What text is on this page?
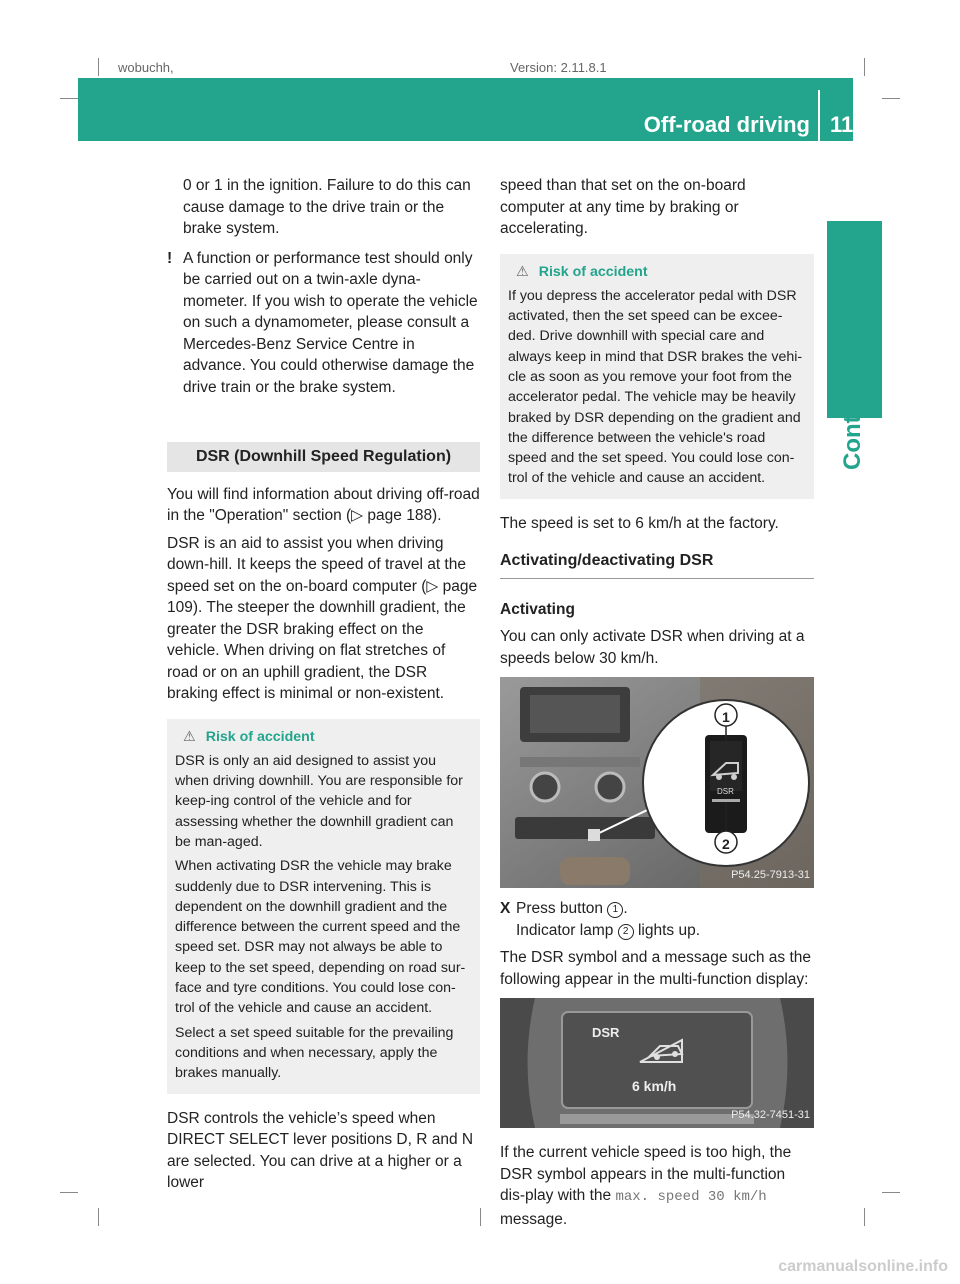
wobuchh,	Version: 2.11.8.1
Off-road driving 113
Controls

0 or 1 in the ignition. Failure to do this can cause damage to the drive train or the brake system.

! A function or performance test should only be carried out on a twin-axle dyna-mometer. If you wish to operate the vehicle on such a dynamometer, please consult a Mercedes-Benz Service Centre in advance. You could otherwise damage the drive train or the brake system.

DSR (Downhill Speed Regulation)

You will find information about driving off-road in the "Operation" section (▷ page 188).

DSR is an aid to assist you when driving down-hill. It keeps the speed of travel at the speed set on the on-board computer (▷ page 109). The steeper the downhill gradient, the greater the DSR braking effect on the vehicle. When driving on flat stretches of road or on an uphill gradient, the DSR braking effect is minimal or non-existent.

⚠ Risk of accident

DSR is only an aid designed to assist you when driving downhill. You are responsible for keep-ing control of the vehicle and for assessing whether the downhill gradient can be man-aged.

When activating DSR the vehicle may brake suddenly due to DSR intervening. This is dependent on the downhill gradient and the difference between the current speed and the speed set. DSR may not always be able to keep to the set speed, depending on road sur-face and tyre conditions. You could lose con-trol of the vehicle and cause an accident.

Select a set speed suitable for the prevailing conditions and when necessary, apply the brakes manually.

DSR controls the vehicle’s speed when DIRECT SELECT lever positions D, R and N are selected. You can drive at a higher or a lower

speed than that set on the on-board computer at any time by braking or accelerating.

⚠ Risk of accident

If you depress the accelerator pedal with DSR activated, then the set speed can be excee-ded. Drive downhill with special care and always keep in mind that DSR brakes the vehi-cle as soon as you remove your foot from the accelerator pedal. The vehicle may be heavily braked by DSR depending on the gradient and the difference between the vehicle's road speed and the set speed. You could lose con-trol of the vehicle and cause an accident.

The speed is set to 6 km/h at the factory.

Activating/deactivating DSR

Activating

You can only activate DSR when driving at a speeds below 30 km/h.

1
2
DSR
P54.25-7913-31
X Press button 1 .
Indicator lamp 2 lights up.

The DSR symbol and a message such as the following appear in the multi-function display:

DSR
6 km/h
P54.32-7451-31

If the current vehicle speed is too high, the DSR symbol appears in the multi-function dis-play with the max. speed 30 km/h message.

carmanualsonline.info
